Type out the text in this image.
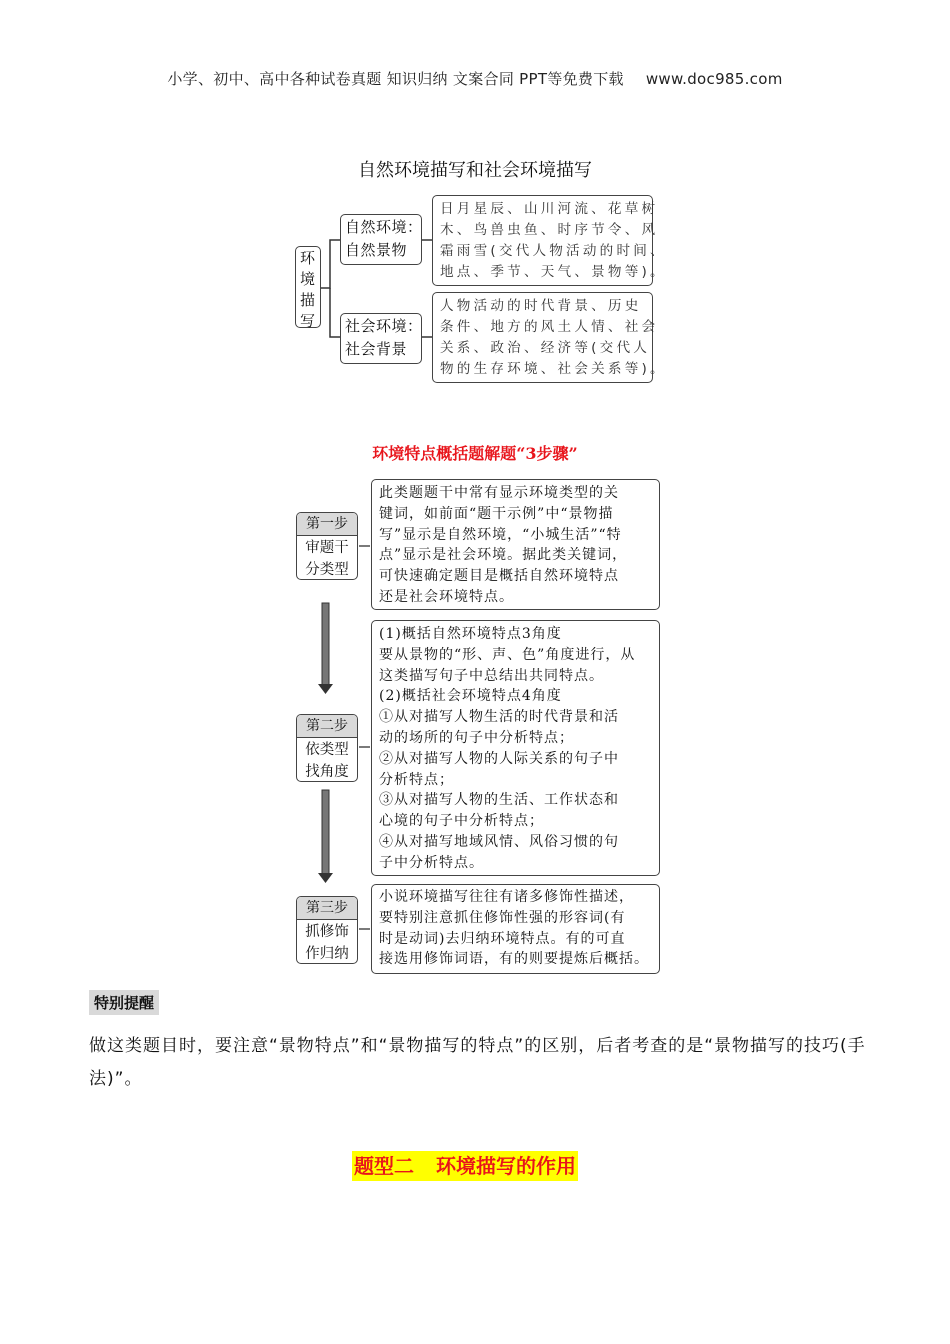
小学、初中、高中各种试卷真题 知识归纳 文案合同 PPT等免费下载 www.doc985.com
自然环境描写和社会环境描写
环
境
描
写
自然环境：
自然景物
日月星辰、山川河流、花草树
木、鸟兽虫鱼、时序节令、风
霜雨雪(交代人物活动的时间、
地点、季节、天气、景物等)。
社会环境：
社会背景
人物活动的时代背景、历史
条件、地方的风土人情、社会
关系、政治、经济等(交代人
物的生存环境、社会关系等)。
环境特点概括题解题“3步骤”
第一步
审题干
分类型
此类题题干中常有显示环境类型的关
键词，如前面“题干示例”中“景物描
写”显示是自然环境，“小城生活”“特
点”显示是社会环境。据此类关键词，
可快速确定题目是概括自然环境特点
还是社会环境特点。
第二步
依类型
找角度
(1)概括自然环境特点3角度
要从景物的“形、声、色”角度进行，从
这类描写句子中总结出共同特点。
(2)概括社会环境特点4角度
①从对描写人物生活的时代背景和活
动的场所的句子中分析特点；
②从对描写人物的人际关系的句子中
分析特点；
③从对描写人物的生活、工作状态和
心境的句子中分析特点；
④从对描写地域风情、风俗习惯的句
子中分析特点。
第三步
抓修饰
作归纳
小说环境描写往往有诸多修饰性描述，
要特别注意抓住修饰性强的形容词(有
时是动词)去归纳环境特点。有的可直
接选用修饰词语，有的则要提炼后概括。
特别提醒
做这类题目时，要注意“景物特点”和“景物描写的特点”的区别，后者考查的是“景物描写的技巧(手法)”。
题型二 环境描写的作用
